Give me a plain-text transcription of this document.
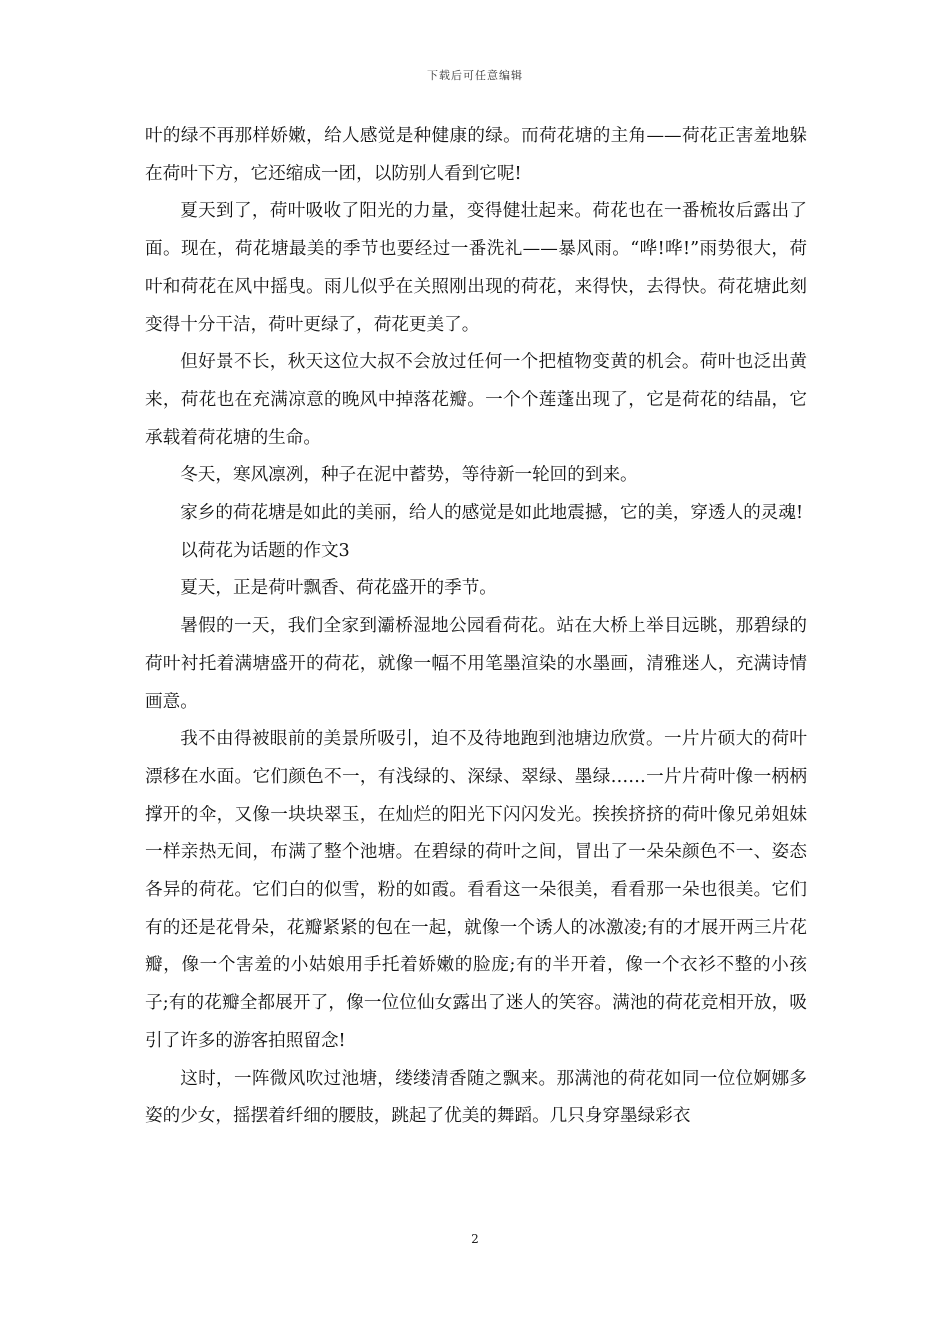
下载后可任意编辑

叶的绿不再那样娇嫩，给人感觉是种健康的绿。而荷花塘的主角——荷花正害羞地躲在荷叶下方，它还缩成一团，以防别人看到它呢!

夏天到了，荷叶吸收了阳光的力量，变得健壮起来。荷花也在一番梳妆后露出了面。现在，荷花塘最美的季节也要经过一番洗礼——暴风雨。“哗!哗!”雨势很大，荷叶和荷花在风中摇曳。雨儿似乎在关照刚出现的荷花，来得快，去得快。荷花塘此刻变得十分干洁，荷叶更绿了，荷花更美了。

但好景不长，秋天这位大叔不会放过任何一个把植物变黄的机会。荷叶也泛出黄来，荷花也在充满凉意的晚风中掉落花瓣。一个个莲蓬出现了，它是荷花的结晶，它承载着荷花塘的生命。

冬天，寒风凛冽，种子在泥中蓄势，等待新一轮回的到来。

家乡的荷花塘是如此的美丽，给人的感觉是如此地震撼，它的美，穿透人的灵魂!

以荷花为话题的作文3

夏天，正是荷叶飘香、荷花盛开的季节。

暑假的一天，我们全家到灞桥湿地公园看荷花。站在大桥上举目远眺，那碧绿的荷叶衬托着满塘盛开的荷花，就像一幅不用笔墨渲染的水墨画，清雅迷人，充满诗情画意。

我不由得被眼前的美景所吸引，迫不及待地跑到池塘边欣赏。一片片硕大的荷叶漂移在水面。它们颜色不一，有浅绿的、深绿、翠绿、墨绿……一片片荷叶像一柄柄撑开的伞，又像一块块翠玉，在灿烂的阳光下闪闪发光。挨挨挤挤的荷叶像兄弟姐妹一样亲热无间，布满了整个池塘。在碧绿的荷叶之间，冒出了一朵朵颜色不一、姿态各异的荷花。它们白的似雪，粉的如霞。看看这一朵很美，看看那一朵也很美。它们有的还是花骨朵，花瓣紧紧的包在一起，就像一个诱人的冰激凌;有的才展开两三片花瓣，像一个害羞的小姑娘用手托着娇嫩的脸庞;有的半开着，像一个衣衫不整的小孩子;有的花瓣全都展开了，像一位位仙女露出了迷人的笑容。满池的荷花竞相开放，吸引了许多的游客拍照留念!

这时，一阵微风吹过池塘，缕缕清香随之飘来。那满池的荷花如同一位位婀娜多姿的少女，摇摆着纤细的腰肢，跳起了优美的舞蹈。几只身穿墨绿彩衣

2
